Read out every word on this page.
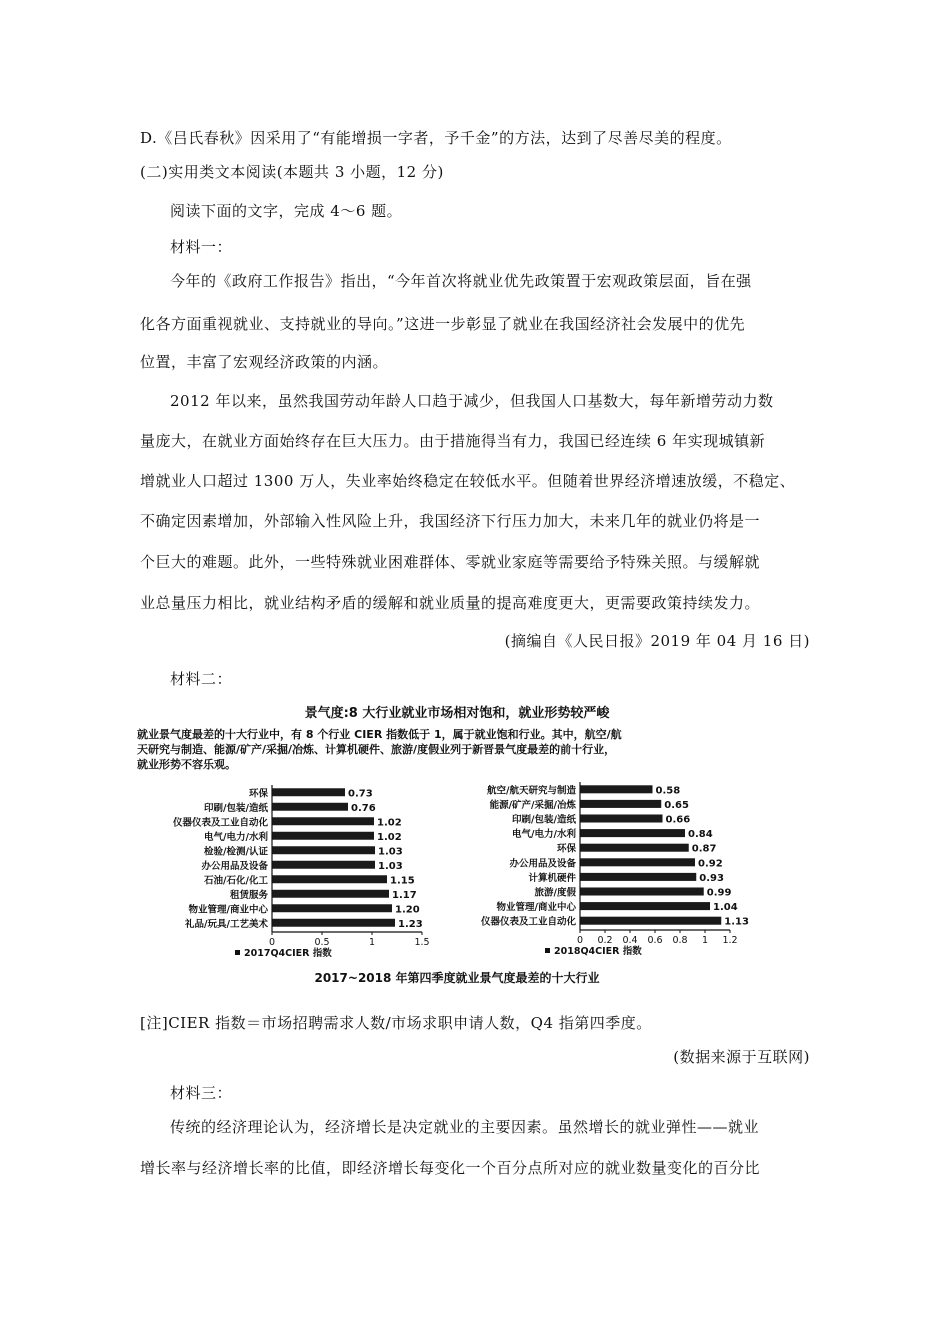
D.《吕氏春秋》因采用了“有能增损一字者，予千金”的方法，达到了尽善尽美的程度。
(二)实用类文本阅读(本题共 3 小题，12 分)
阅读下面的文字，完成 4～6 题。
材料一：
今年的《政府工作报告》指出，“今年首次将就业优先政策置于宏观政策层面，旨在强
化各方面重视就业、支持就业的导向。”这进一步彰显了就业在我国经济社会发展中的优先
位置，丰富了宏观经济政策的内涵。
2012 年以来，虽然我国劳动年龄人口趋于减少，但我国人口基数大，每年新增劳动力数
量庞大，在就业方面始终存在巨大压力。由于措施得当有力，我国已经连续 6 年实现城镇新
增就业人口超过 1300 万人，失业率始终稳定在较低水平。但随着世界经济增速放缓，不稳定、
不确定因素增加，外部输入性风险上升，我国经济下行压力加大，未来几年的就业仍将是一
个巨大的难题。此外，一些特殊就业困难群体、零就业家庭等需要给予特殊关照。与缓解就
业总量压力相比，就业结构矛盾的缓解和就业质量的提高难度更大，更需要政策持续发力。
(摘编自《人民日报》2019 年 04 月 16 日)
材料二：
景气度:8 大行业就业市场相对饱和，就业形势较严峻
就业景气度最差的十大行业中，有 8 个行业 CIER 指数低于 1，属于就业饱和行业。其中，航空/航
天研究与制造、能源/矿产/采掘/冶炼、计算机硬件、旅游/度假业列于新晋景气度最差的前十行业，
就业形势不容乐观。
环保	0.73
印刷/包装/造纸	0.76
仪器仪表及工业自动化	1.02
电气/电力/水利	1.02
检验/检测/认证	1.03
办公用品及设备	1.03
石油/石化/化工	1.15
租赁服务	1.17
物业管理/商业中心	1.20
礼品/玩具/工艺美术	1.23
0	0.5	1	1.5
2017Q4CIER 指数
航空/航天研究与制造	0.58
能源/矿产/采掘/冶炼	0.65
印刷/包装/造纸	0.66
电气/电力/水利	0.84
环保	0.87
办公用品及设备	0.92
计算机硬件	0.93
旅游/度假	0.99
物业管理/商业中心	1.04
仪器仪表及工业自动化	1.13
0 0.2 0.4 0.6 0.8 1 1.2
2018Q4CIER 指数
2017~2018 年第四季度就业景气度最差的十大行业
[注]CIER 指数＝市场招聘需求人数/市场求职申请人数，Q4 指第四季度。
(数据来源于互联网)
材料三：
传统的经济理论认为，经济增长是决定就业的主要因素。虽然增长的就业弹性——就业
增长率与经济增长率的比值，即经济增长每变化一个百分点所对应的就业数量变化的百分比
